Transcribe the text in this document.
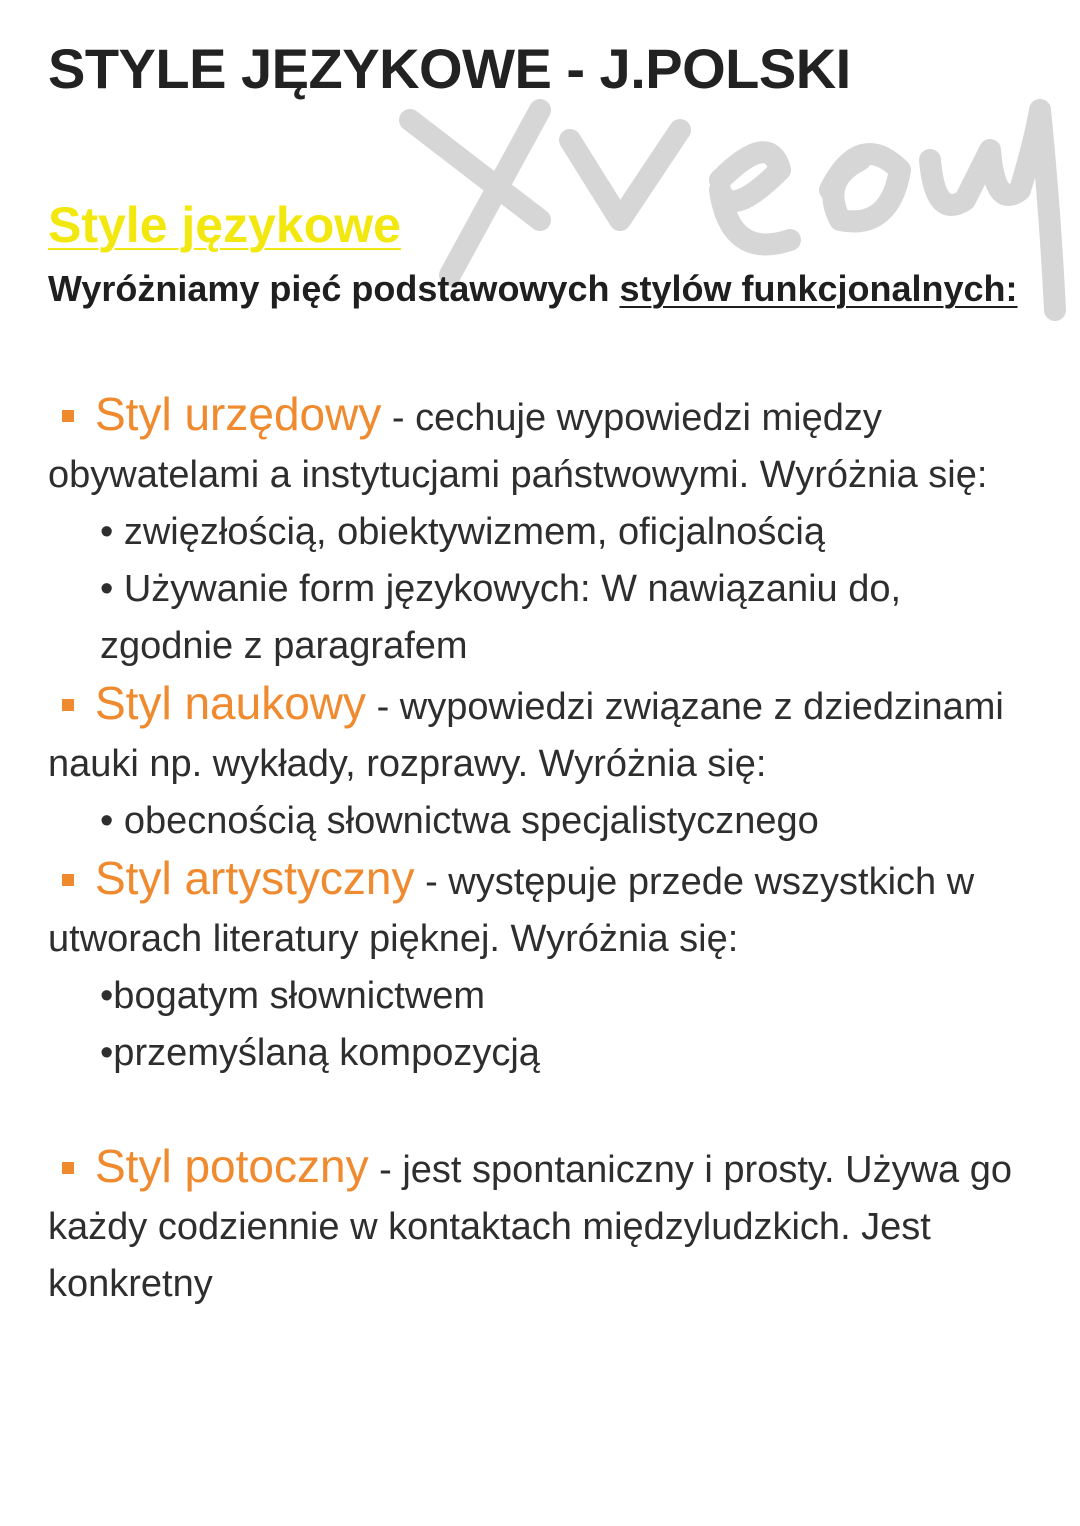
STYLE JĘZYKOWE - J.POLSKI
Style językowe

Wyróżniamy pięć podstawowych stylów funkcjonalnych:

Styl urzędowy - cechuje wypowiedzi między obywatelami a instytucjami państwowymi. Wyróżnia się:
• zwięzłością, obiektywizmem, oficjalnością
• Używanie form językowych: W nawiązaniu do, zgodnie z paragrafem
Styl naukowy - wypowiedzi związane z dziedzinami nauki np. wykłady, rozprawy. Wyróżnia się:
• obecnością słownictwa specjalistycznego
Styl artystyczny - występuje przede wszystkich w utworach literatury pięknej. Wyróżnia się:
•bogatym słownictwem
•przemyślaną kompozycją
Styl potoczny - jest spontaniczny i prosty. Używa go każdy codziennie w kontaktach międzyludzkich. Jest konkretny
